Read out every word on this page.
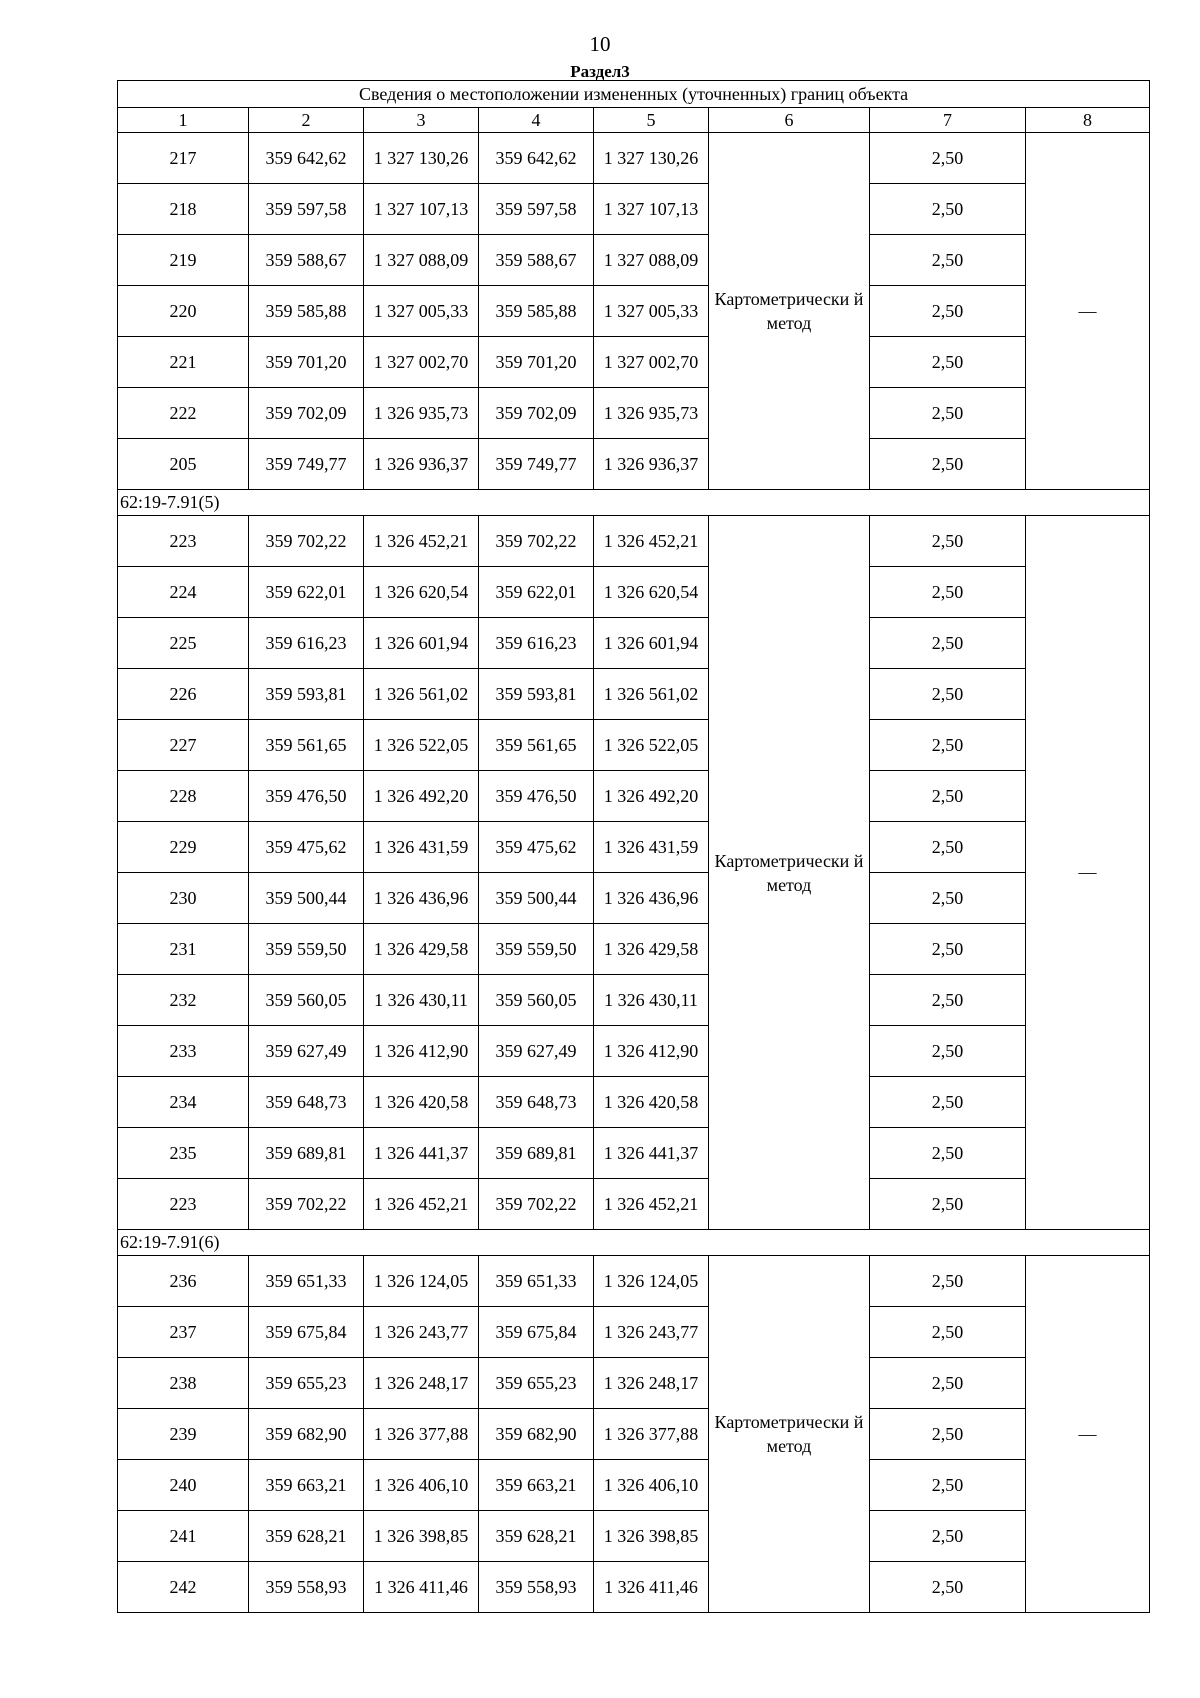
10
Раздел3
Сведения о местоположении измененных (уточненных) границ объекта							
1	2	3	4	5	6	7	8
217	359 642,62	1 327 130,26	359 642,62	1 327 130,26	Картометрически й метод	2,50	—
218	359 597,58	1 327 107,13	359 597,58	1 327 107,13		2,50	
219	359 588,67	1 327 088,09	359 588,67	1 327 088,09		2,50	
220	359 585,88	1 327 005,33	359 585,88	1 327 005,33		2,50	
221	359 701,20	1 327 002,70	359 701,20	1 327 002,70		2,50	
222	359 702,09	1 326 935,73	359 702,09	1 326 935,73		2,50	
205	359 749,77	1 326 936,37	359 749,77	1 326 936,37		2,50	
62:19-7.91(5)							
223	359 702,22	1 326 452,21	359 702,22	1 326 452,21	Картометрически й метод	2,50	—
224	359 622,01	1 326 620,54	359 622,01	1 326 620,54		2,50	
225	359 616,23	1 326 601,94	359 616,23	1 326 601,94		2,50	
226	359 593,81	1 326 561,02	359 593,81	1 326 561,02		2,50	
227	359 561,65	1 326 522,05	359 561,65	1 326 522,05		2,50	
228	359 476,50	1 326 492,20	359 476,50	1 326 492,20		2,50	
229	359 475,62	1 326 431,59	359 475,62	1 326 431,59		2,50	
230	359 500,44	1 326 436,96	359 500,44	1 326 436,96		2,50	
231	359 559,50	1 326 429,58	359 559,50	1 326 429,58		2,50	
232	359 560,05	1 326 430,11	359 560,05	1 326 430,11		2,50	
233	359 627,49	1 326 412,90	359 627,49	1 326 412,90		2,50	
234	359 648,73	1 326 420,58	359 648,73	1 326 420,58		2,50	
235	359 689,81	1 326 441,37	359 689,81	1 326 441,37		2,50	
223	359 702,22	1 326 452,21	359 702,22	1 326 452,21		2,50	
62:19-7.91(6)							
236	359 651,33	1 326 124,05	359 651,33	1 326 124,05	Картометрически й метод	2,50	—
237	359 675,84	1 326 243,77	359 675,84	1 326 243,77		2,50	
238	359 655,23	1 326 248,17	359 655,23	1 326 248,17		2,50	
239	359 682,90	1 326 377,88	359 682,90	1 326 377,88		2,50	
240	359 663,21	1 326 406,10	359 663,21	1 326 406,10		2,50	
241	359 628,21	1 326 398,85	359 628,21	1 326 398,85		2,50	
242	359 558,93	1 326 411,46	359 558,93	1 326 411,46		2,50	
